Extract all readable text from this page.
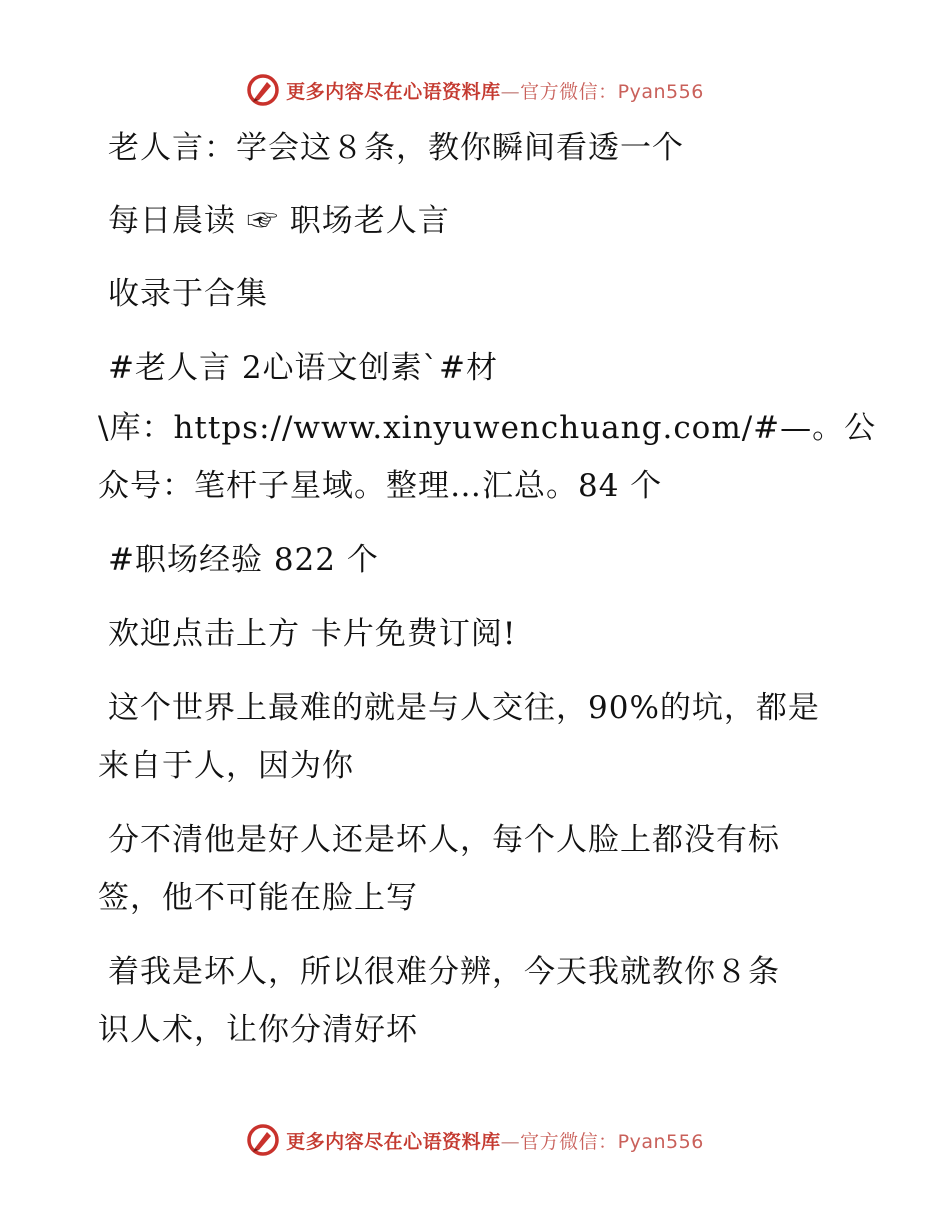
更多内容尽在心语资料库—官方微信：Pyan556
老人言：学会这８条，教你瞬间看透一个
每日晨读 ☞ 职场老人言
收录于合集
#老人言 2心语文创素`#材
\库：https://www.xinyuwenchuang.com/#—。公
众号：笔杆子星域。整理…汇总。84 个
#职场经验 822 个
欢迎点击上方 卡片免费订阅!
这个世界上最难的就是与人交往，90%的坑，都是
来自于人，因为你
分不清他是好人还是坏人，每个人脸上都没有标
签，他不可能在脸上写
着我是坏人，所以很难分辨，今天我就教你８条
识人术，让你分清好坏
更多内容尽在心语资料库—官方微信：Pyan556
